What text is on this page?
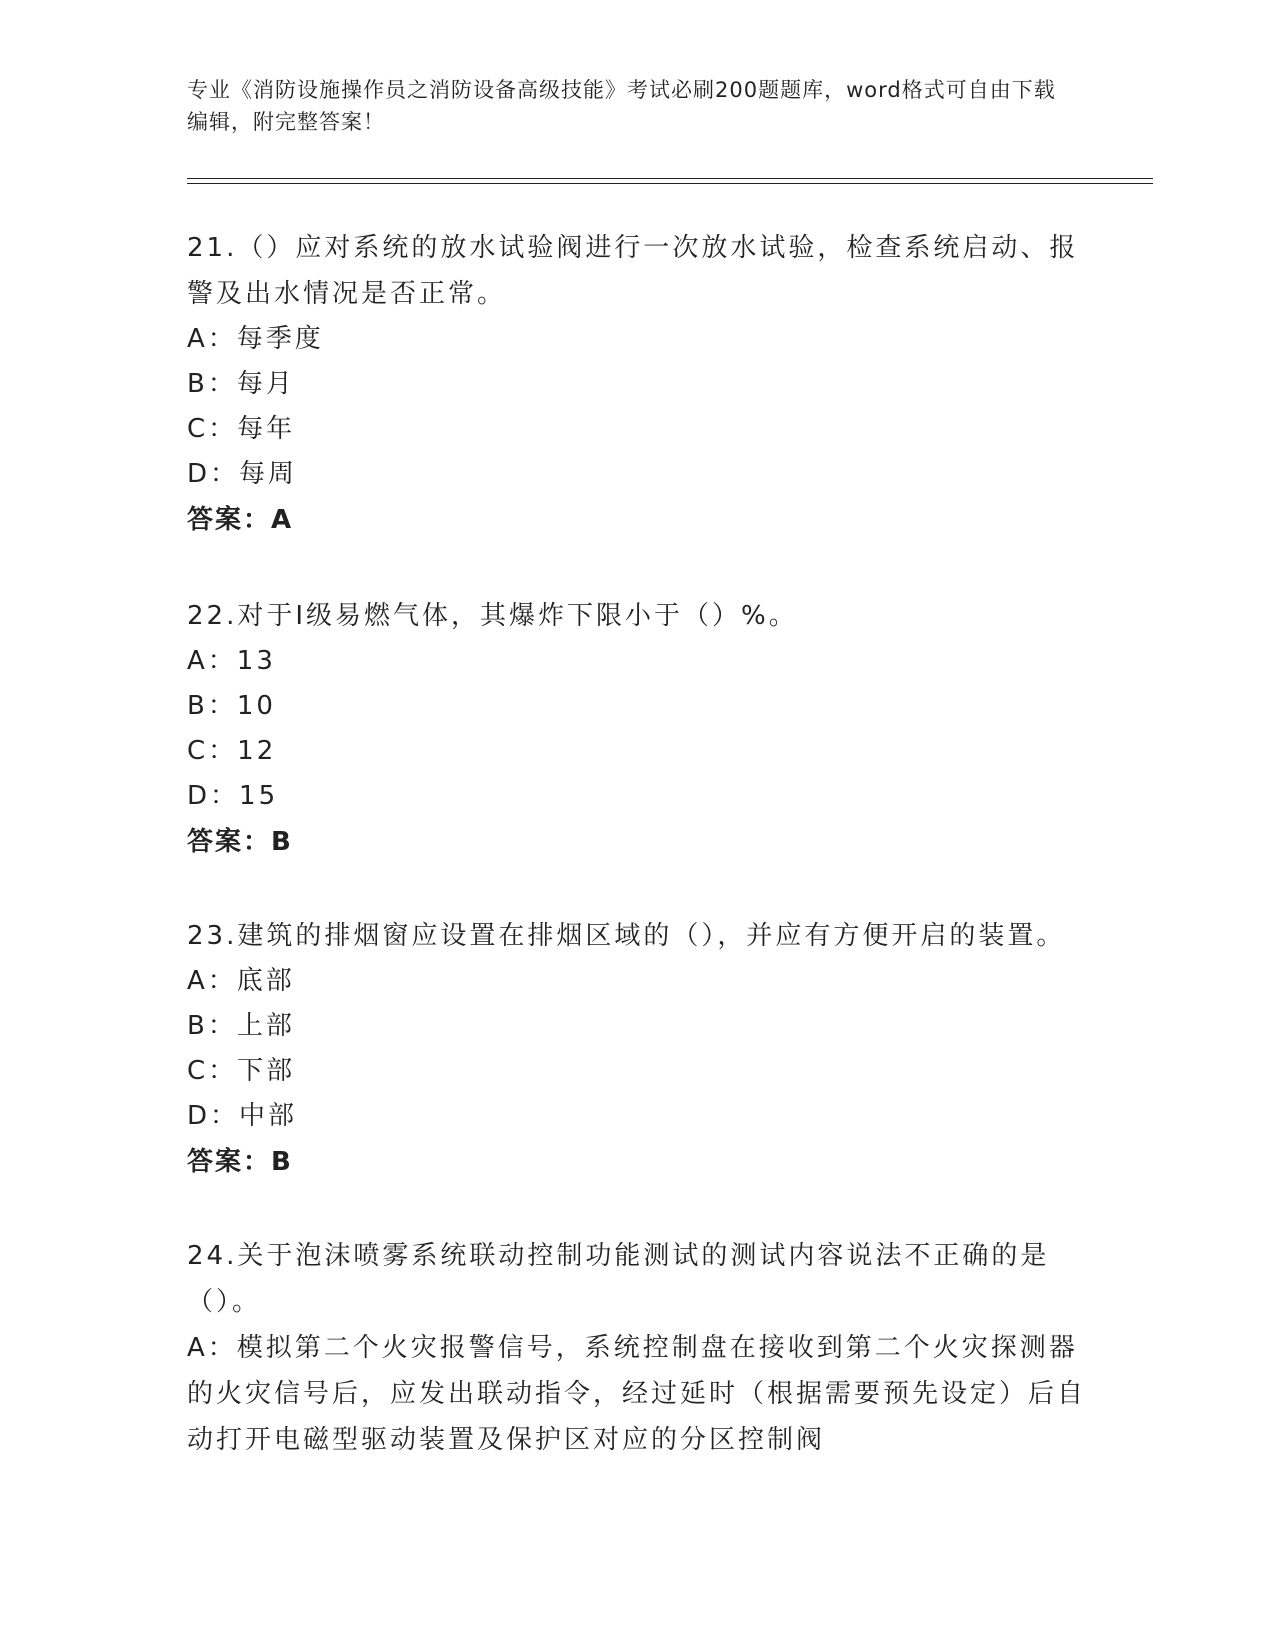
专业《消防设施操作员之消防设备高级技能》考试必刷200题题库，word格式可自由下载编辑，附完整答案！
21.（）应对系统的放水试验阀进行一次放水试验，检查系统启动、报警及出水情况是否正常。
A：每季度
B：每月
C：每年
D：每周
答案：A
22.对于Ⅰ级易燃气体，其爆炸下限小于（）%。
A：13
B：10
C：12
D：15
答案：B
23.建筑的排烟窗应设置在排烟区域的（），并应有方便开启的装置。
A：底部
B：上部
C：下部
D：中部
答案：B
24.关于泡沫喷雾系统联动控制功能测试的测试内容说法不正确的是（）。
A：模拟第二个火灾报警信号，系统控制盘在接收到第二个火灾探测器的火灾信号后，应发出联动指令，经过延时（根据需要预先设定）后自动打开电磁型驱动装置及保护区对应的分区控制阀
